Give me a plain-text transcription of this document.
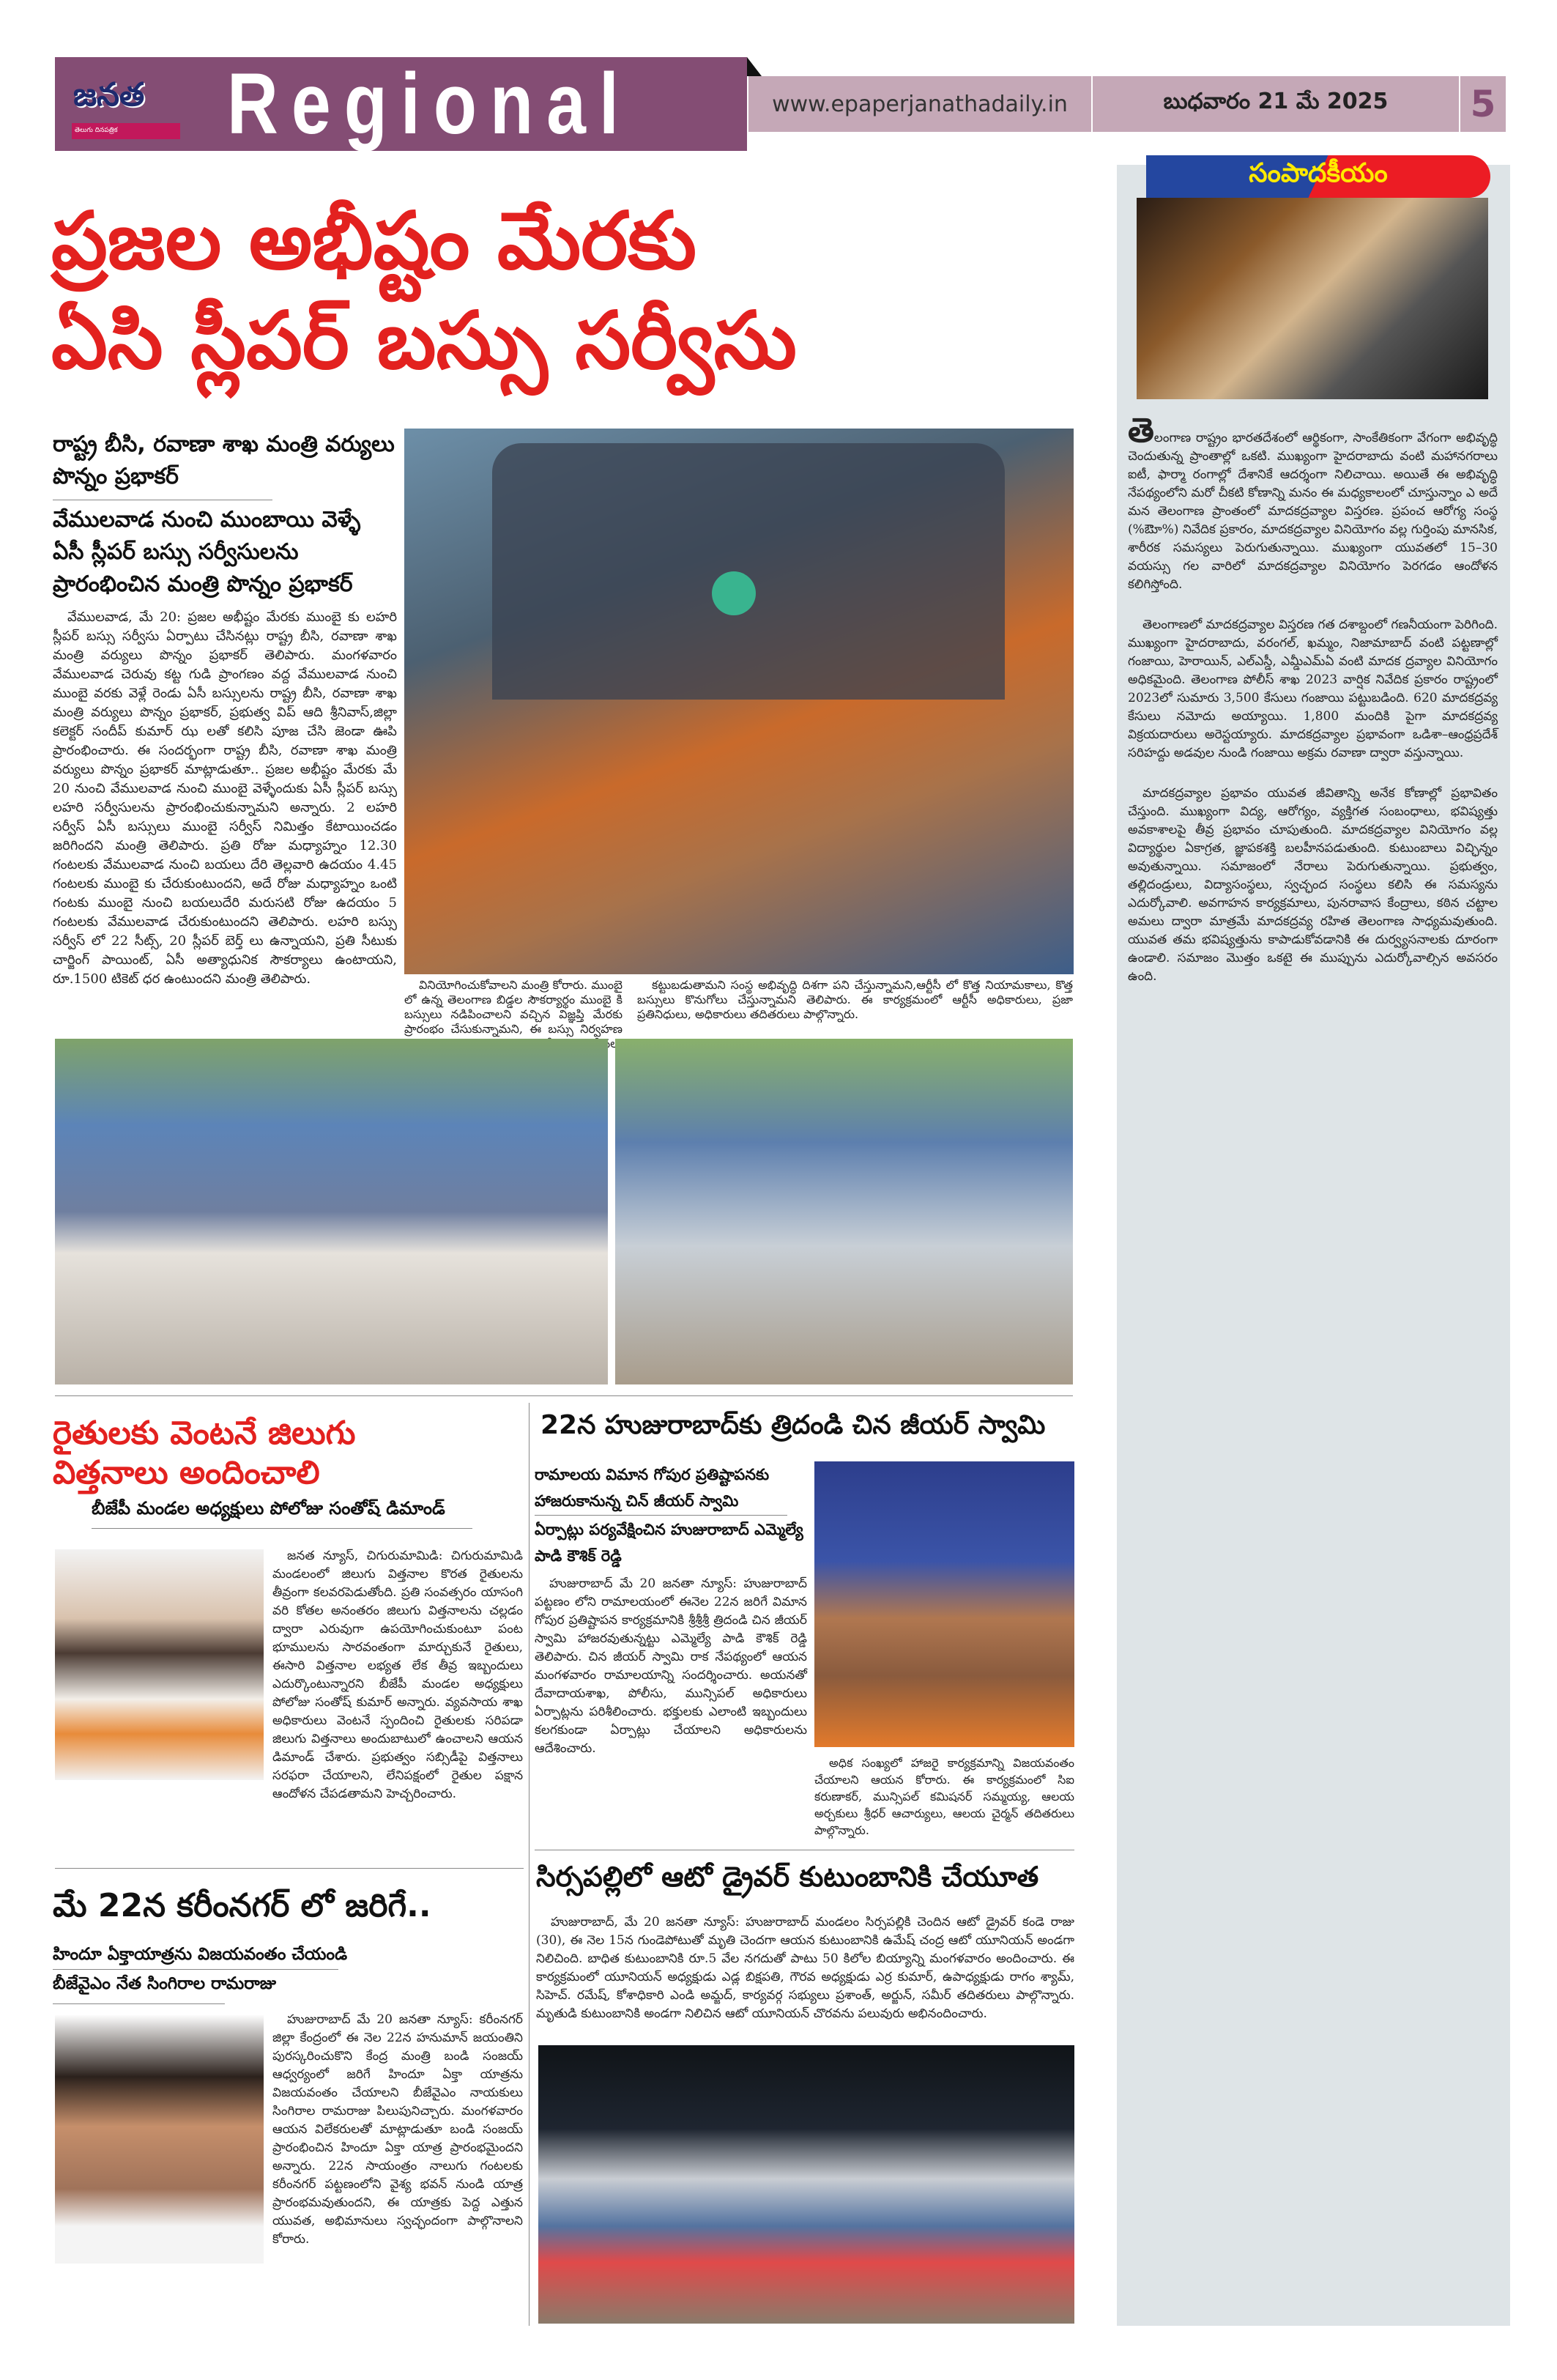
జనత
తెలుగు దినపత్రిక	Regional	www.epaperjanathadaily.in	బుధవారం 21 మే 2025	5
ప్రజల అభీష్టం మేరకు
ఏసి స్లీపర్ బస్సు సర్వీసు
రాష్ట్ర బీసి, రవాణా శాఖ మంత్రి వర్యులు పొన్నం ప్రభాకర్
వేములవాడ నుంచి ముంబాయి వెళ్ళే ఏసీ స్లీపర్ బస్సు సర్వీసులను ప్రారంభించిన మంత్రి పొన్నం ప్రభాకర్
వేములవాడ, మే 20: ప్రజల అభీష్టం మేరకు ముంబై కు లహరి స్లీపర్ బస్సు సర్వీసు ఏర్పాటు చేసినట్లు రాష్ట్ర బీసి, రవాణా శాఖ మంత్రి వర్యులు పొన్నం ప్రభాకర్ తెలిపారు. మంగళవారం వేములవాడ చెరువు కట్ట గుడి ప్రాంగణం వద్ద వేములవాడ నుంచి ముంబై వరకు వెళ్లే రెండు ఏసీ బస్సులను రాష్ట్ర బీసి, రవాణా శాఖ మంత్రి వర్యులు పొన్నం ప్రభాకర్, ప్రభుత్వ విప్ ఆది శ్రీనివాస్,జిల్లా కలెక్టర్ సందీప్ కుమార్ ఝ లతో కలిసి పూజ చేసి జెండా ఊపి ప్రారంభించారు. ఈ సందర్భంగా రాష్ట్ర బీసి, రవాణా శాఖ మంత్రి వర్యులు పొన్నం ప్రభాకర్ మాట్లాడుతూ.. ప్రజల అభీష్టం మేరకు మే 20 నుంచి వేములవాడ నుంచి ముంబై వెళ్ళేందుకు ఏసీ స్లీపర్ బస్సు లహరి సర్వీసులను ప్రారంభించుకున్నామని అన్నారు. 2 లహరి సర్వీస్ ఏసీ బస్సులు ముంబై సర్వీస్ నిమిత్తం కేటాయించడం జరిగిందని మంత్రి తెలిపారు. ప్రతి రోజు మధ్యాహ్నం 12.30 గంటలకు వేములవాడ నుంచి బయలు దేరి తెల్లవారి ఉదయం 4.45 గంటలకు ముంబై కు చేరుకుంటుందని, అదే రోజు మధ్యాహ్నం ఒంటి గంటకు ముంబై నుంచి బయలుదేరి మరుసటి రోజు ఉదయం 5 గంటలకు వేములవాడ చేరుకుంటుందని తెలిపారు. లహరి బస్సు సర్వీస్ లో 22 సీట్స్, 20 స్లీపర్ బెర్త్ లు ఉన్నాయని, ప్రతి సీటుకు చార్జింగ్ పాయింట్, ఏసీ అత్యాధునిక సౌకర్యాలు ఉంటాయని, రూ.1500 టికెట్ ధర ఉంటుందని మంత్రి తెలిపారు.	వినియోగించుకోవాలని మంత్రి కోరారు. ముంబై లో ఉన్న తెలంగాణ బిడ్డల సౌకర్యార్థం ముంబై కి బస్సులు నడిపించాలని వచ్చిన విజ్ఞప్తి మేరకు ప్రారంభం చేసుకున్నామని, ఈ బస్సు నిర్వహణ సేవలు
కట్టుబడుతామని సంస్థ అభివృద్ధి దిశగా పని చేస్తున్నామని,ఆర్టీసీ లో కొత్త నియామకాలు, కొత్త బస్సులు కొనుగోలు చేస్తున్నామని తెలిపారు. ఈ కార్యక్రమంలో ఆర్టీసీ అధికారులు, ప్రజా ప్రతినిధులు, అధికారులు తదితరులు పాల్గొన్నారు.
రైతులకు వెంటనే జిలుగు
విత్తనాలు అందించాలి
బీజేపీ మండల అధ్యక్షులు పోలోజు సంతోష్ డిమాండ్
జనత న్యూస్, చిగురుమామిడి: చిగురుమామిడి మండలంలో జిలుగు విత్తనాల కొరత రైతులను తీవ్రంగా కలవరపెడుతోంది. ప్రతి సంవత్సరం యాసంగి వరి కోతల అనంతరం జిలుగు విత్తనాలను చల్లడం ద్వారా ఎరువుగా ఉపయోగించుకుంటూ పంట భూములను సారవంతంగా మార్చుకునే రైతులు, ఈసారి విత్తనాల లభ్యత లేక తీవ్ర ఇబ్బందులు ఎదుర్కొంటున్నారని బీజేపీ మండల అధ్యక్షులు పోలోజు సంతోష్ కుమార్ అన్నారు. వ్యవసాయ శాఖ అధికారులు వెంటనే స్పందించి రైతులకు సరిపడా జిలుగు విత్తనాలు అందుబాటులో ఉంచాలని ఆయన డిమాండ్ చేశారు. ప్రభుత్వం సబ్సిడీపై విత్తనాలు సరఫరా చేయాలని, లేనిపక్షంలో రైతుల పక్షాన ఆందోళన చేపడతామని హెచ్చరించారు.
మే 22న కరీంనగర్ లో జరిగే..
హిందూ ఏక్తాయాత్రను విజయవంతం చేయండి
బీజేవైఎం నేత సింగిరాల రామరాజు
హుజురాబాద్ మే 20 జనతా న్యూస్: కరీంనగర్ జిల్లా కేంద్రంలో ఈ నెల 22న హనుమాన్ జయంతిని పురస్కరించుకొని కేంద్ర మంత్రి బండి సంజయ్ ఆధ్వర్యంలో జరిగే హిందూ ఏక్తా యాత్రను విజయవంతం చేయాలని బీజేవైఎం నాయకులు సింగిరాల రామరాజు పిలుపునిచ్చారు. మంగళవారం ఆయన విలేకరులతో మాట్లాడుతూ బండి సంజయ్ ప్రారంభించిన హిందూ ఏక్తా యాత్ర ప్రారంభమైందని అన్నారు. 22న సాయంత్రం నాలుగు గంటలకు కరీంనగర్ పట్టణంలోని వైశ్య భవన్ నుండి యాత్ర ప్రారంభమవుతుందని, ఈ యాత్రకు పెద్ద ఎత్తున యువత, అభిమానులు స్వచ్ఛందంగా పాల్గొనాలని కోరారు.
22న హుజురాబాద్‌కు త్రిదండి చిన జీయర్ స్వామి
రామాలయ విమాన గోపుర ప్రతిష్టాపనకు హాజరుకానున్న చిన్ జీయర్ స్వామి
ఏర్పాట్లు పర్యవేక్షించిన హుజురాబాద్ ఎమ్మెల్యే పాడి కౌశిక్ రెడ్డి
హుజురాబాద్ మే 20 జనతా న్యూస్: హుజురాబాద్ పట్టణం లోని రామాలయంలో ఈనెల 22న జరిగే విమాన గోపుర ప్రతిష్టాపన కార్యక్రమానికి శ్రీశ్రీశ్రీ త్రిదండి చిన జీయర్ స్వామి హాజరవుతున్నట్టు ఎమ్మెల్యే పాడి కౌశిక్ రెడ్డి తెలిపారు. చిన జీయర్ స్వామి రాక నేపథ్యంలో ఆయన మంగళవారం రామాలయాన్ని సందర్శించారు. అయనతో దేవాదాయశాఖ, పోలీసు, మున్సిపల్ అధికారులు ఏర్పాట్లను పరిశీలించారు. భక్తులకు ఎలాంటి ఇబ్బందులు కలగకుండా ఏర్పాట్లు చేయాలని అధికారులను ఆదేశించారు.
అధిక సంఖ్యలో హాజరై కార్యక్రమాన్ని విజయవంతం చేయాలని ఆయన కోరారు. ఈ కార్యక్రమంలో సిఐ కరుణాకర్, మున్సిపల్ కమిషనర్ సమ్మయ్య, ఆలయ అర్చకులు శ్రీధర్ ఆచార్యులు, ఆలయ చైర్మన్ తదితరులు పాల్గొన్నారు.
సిర్సపల్లిలో ఆటో డ్రైవర్ కుటుంబానికి చేయూత
హుజురాబాద్, మే 20 జనతా న్యూస్: హుజురాబాద్ మండలం సిర్సపల్లికి చెందిన ఆటో డ్రైవర్ కండె రాజు (30), ఈ నెల 15న గుండెపోటుతో మృతి చెందగా ఆయన కుటుంబానికి ఉమేష్ చంద్ర ఆటో యూనియన్ అండగా నిలిచింది. బాధిత కుటుంబానికి రూ.5 వేల నగదుతో పాటు 50 కిలోల బియ్యాన్ని మంగళవారం అందించారు. ఈ కార్యక్రమంలో యూనియన్ అధ్యక్షుడు ఎడ్ల బిక్షపతి, గౌరవ అధ్యక్షుడు ఎర్ర కుమార్, ఉపాధ్యక్షుడు రాగం శ్యామ్, సిహెచ్. రమేష్, కోశాధికారి ఎండి అమ్జద్, కార్యవర్గ సభ్యులు ప్రశాంత్, అర్జున్, సమీర్ తదితరులు పాల్గొన్నారు. మృతుడి కుటుంబానికి అండగా నిలిచిన ఆటో యూనియన్ చొరవను పలువురు అభినందించారు.
సంపాదకీయం

తెలంగాణ రాష్ట్రం భారతదేశంలో ఆర్థికంగా, సాంకేతికంగా వేగంగా అభివృద్ధి చెందుతున్న ప్రాంతాల్లో ఒకటి. ముఖ్యంగా హైదరాబాదు వంటి మహానగరాలు ఐటీ, ఫార్మా రంగాల్లో దేశానికే ఆదర్శంగా నిలిచాయి. అయితే ఈ అభివృద్ధి నేపథ్యంలోని మరో చీకటి కోణాన్ని మనం ఈ మధ్యకాలంలో చూస్తున్నాం ఎ అదే మన తెలంగాణ ప్రాంతంలో మాదకద్రవ్యాల విస్తరణ. ప్రపంచ ఆరోగ్య సంస్థ (%ఔెూ%) నివేదిక ప్రకారం, మాదకద్రవ్యాల వినియోగం వల్ల గుర్తింపు మానసిక, శారీరక సమస్యలు పెరుగుతున్నాయి. ముఖ్యంగా యువతలో 15–30 వయస్సు గల వారిలో మాదకద్రవ్యాల వినియోగం పెరగడం ఆందోళన కలిగిస్తోంది.

తెలంగాణలో మాదకద్రవ్యాల విస్తరణ గత దశాబ్దంలో గణనీయంగా పెరిగింది. ముఖ్యంగా హైదరాబాదు, వరంగల్, ఖమ్మం, నిజామాబాద్ వంటి పట్టణాల్లో గంజాయి, హెరాయిన్, ఎల్ఎస్డీ, ఎమ్డీఎమ్ఏ వంటి మాదక ద్రవ్యాల వినియోగం అధికమైంది. తెలంగాణ పోలీస్ శాఖ 2023 వార్షిక నివేదిక ప్రకారం రాష్ట్రంలో 2023లో సుమారు 3,500 కేసులు గంజాయి పట్టుబడింది. 620 మాదకద్రవ్య కేసులు నమోదు అయ్యాయి. 1,800 మందికి పైగా మాదకద్రవ్య విక్రయదారులు అరెస్టయ్యారు. మాదకద్రవ్యాల ప్రభావంగా ఒడిశా–ఆంధ్రప్రదేశ్ సరిహద్దు అడవుల నుండి గంజాయి అక్రమ రవాణా ద్వారా వస్తున్నాయి.

మాదకద్రవ్యాల ప్రభావం యువత జీవితాన్ని అనేక కోణాల్లో ప్రభావితం చేస్తుంది. ముఖ్యంగా విద్య, ఆరోగ్యం, వ్యక్తిగత సంబంధాలు, భవిష్యత్తు అవకాశాలపై తీవ్ర ప్రభావం చూపుతుంది. మాదకద్రవ్యాల వినియోగం వల్ల విద్యార్థుల ఏకాగ్రత, జ్ఞాపకశక్తి బలహీనపడుతుంది. కుటుంబాలు విచ్ఛిన్నం అవుతున్నాయి. సమాజంలో నేరాలు పెరుగుతున్నాయి. ప్రభుత్వం, తల్లిదండ్రులు, విద్యాసంస్థలు, స్వచ్ఛంద సంస్థలు కలిసి ఈ సమస్యను ఎదుర్కోవాలి. అవగాహన కార్యక్రమాలు, పునరావాస కేంద్రాలు, కఠిన చట్టాల అమలు ద్వారా మాత్రమే మాదకద్రవ్య రహిత తెలంగాణ సాధ్యమవుతుంది. యువత తమ భవిష్యత్తును కాపాడుకోవడానికి ఈ దుర్వ్యసనాలకు దూరంగా ఉండాలి. సమాజం మొత్తం ఒకటై ఈ ముప్పును ఎదుర్కోవాల్సిన అవసరం ఉంది.
